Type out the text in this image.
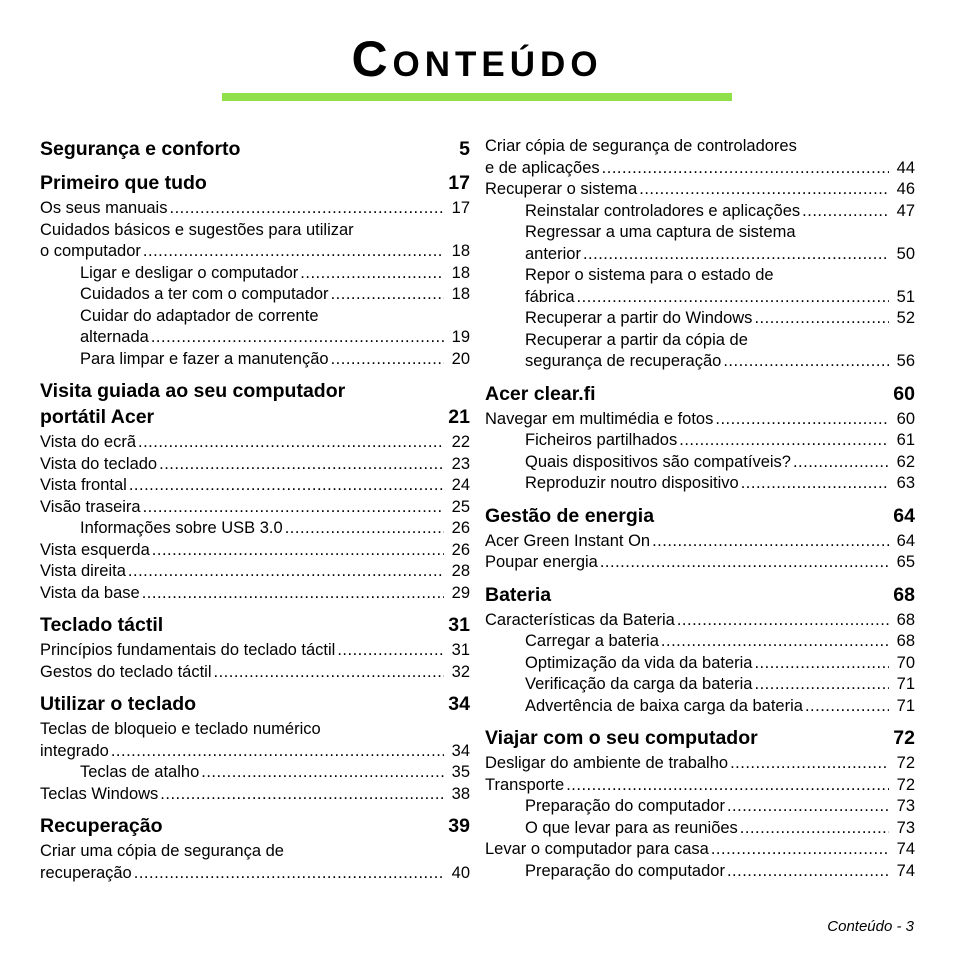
Conteúdo
Segurança e conforto	5
Primeiro que tudo	17
Os seus manuais .....	17
Cuidados básicos e sugestões para utilizar
o computador .....	18
Ligar e desligar o computador .....	18
Cuidados a ter com o computador .....	18
Cuidar do adaptador de corrente
alternada .....	19
Para limpar e fazer a manutenção .....	20
Visita guiada ao seu computador
portátil Acer	21
Vista do ecrã .....	22
Vista do teclado .....	23
Vista frontal .....	24
Visão traseira .....	25
Informações sobre USB 3.0 .....	26
Vista esquerda .....	26
Vista direita .....	28
Vista da base .....	29
Teclado táctil	31
Princípios fundamentais do teclado táctil .....	31
Gestos do teclado táctil .....	32
Utilizar o teclado	34
Teclas de bloqueio e teclado numérico
integrado .....	34
Teclas de atalho .....	35
Teclas Windows .....	38
Recuperação	39
Criar uma cópia de segurança de
recuperação .....	40
Criar cópia de segurança de controladores
e de aplicações .....	44
Recuperar o sistema .....	46
Reinstalar controladores e aplicações .....	47
Regressar a uma captura de sistema
anterior .....	50
Repor o sistema para o estado de
fábrica .....	51
Recuperar a partir do Windows .....	52
Recuperar a partir da cópia de
segurança de recuperação .....	56
Acer clear.fi	60
Navegar em multimédia e fotos .....	60
Ficheiros partilhados .....	61
Quais dispositivos são compatíveis? .....	62
Reproduzir noutro dispositivo .....	63
Gestão de energia	64
Acer Green Instant On .....	64
Poupar energia .....	65
Bateria	68
Características da Bateria .....	68
Carregar a bateria .....	68
Optimização da vida da bateria .....	70
Verificação da carga da bateria .....	71
Advertência de baixa carga da bateria .....	71
Viajar com o seu computador	72
Desligar do ambiente de trabalho .....	72
Transporte .....	72
Preparação do computador .....	73
O que levar para as reuniões .....	73
Levar o computador para casa .....	74
Preparação do computador .....	74
Conteúdo - 3
